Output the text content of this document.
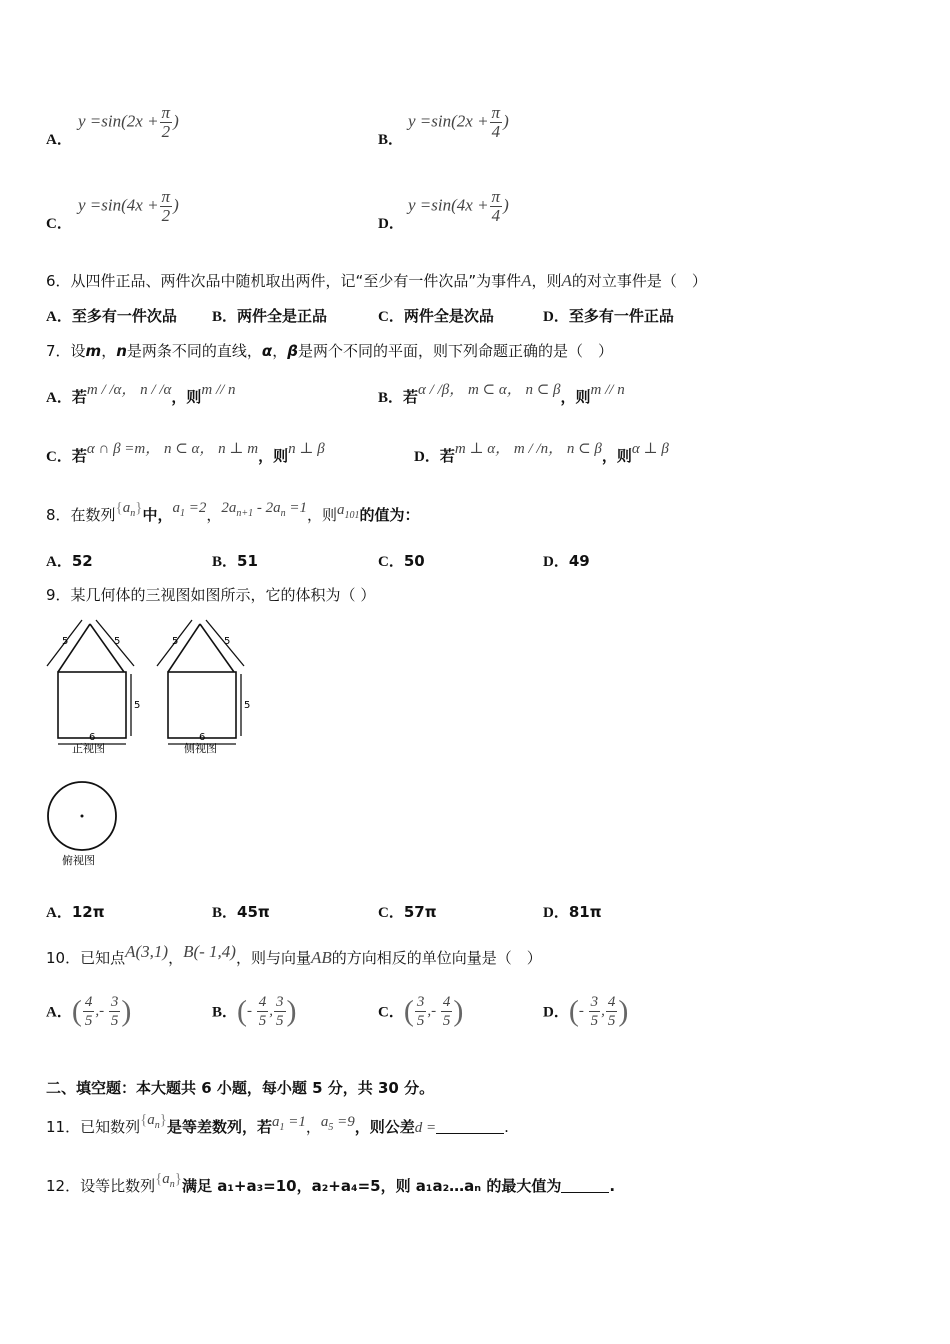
A．
$y =\sin(2x + \frac{\pi}{2}$ )
B．
$y =\sin(2x + \frac{\pi}{4}$ )
C．
$y =\sin(4x + \frac{\pi}{2}$ )
D．
$y =\sin(4x + \frac{\pi}{4}$ )
6．从四件正品、两件次品中随机取出两件，记“至少有一件次品”为事件A，则A的对立事件是（　）
A．至多有一件次品 B．两件全是正品	C．两件全是次品	D．至多有一件正品
7．设m，n是两条不同的直线，α，β是两个不同的平面，则下列命题正确的是（　）
A．若m / /α， n / /α，则m // n	B．若α / /β， m ⊂ α， n ⊂ β，则m // n
C．若α ∩ β =m， n ⊂ α， n ⊥ m，则n ⊥ β	D．若m ⊥ α， m / /n， n ⊂ β，则α ⊥ β
8．在数列$\{a_n\}$中，$a_1 =2$，$2a_{n+1} - 2a_n =1$，则$a_{101}$的值为：
A．52	B．51	C．50	D．49
9．某几何体的三视图如图所示，它的体积为（ ）
5	5
5
6
正视图
5	5
5
6
侧视图
俯视图
A．12π	B．45π	C．57π	D．81π
10．已知点A(3,1)，B(- 1,4)，则与向量AB的方向相反的单位向量是（　）
A．( $\frac{4}{5}$ ,- $\frac{3}{5}$ )	B．(- $\frac{4}{5}$ , $\frac{3}{5}$ )	C．( $\frac{3}{5}$ ,- $\frac{4}{5}$ )	D．(- $\frac{3}{5}$ , $\frac{4}{5}$ )
二、填空题：本大题共 6 小题，每小题 5 分，共 30 分。
11．已知数列$\{a_n\}$是等差数列，若$a_1 =1$，$a_5 =9$，则公差d =	.
12．设等比数列$\{a_n\}$满足 a₁+a₃=10，a₂+a₄=5，则 a₁a₂…aₙ 的最大值为	.
